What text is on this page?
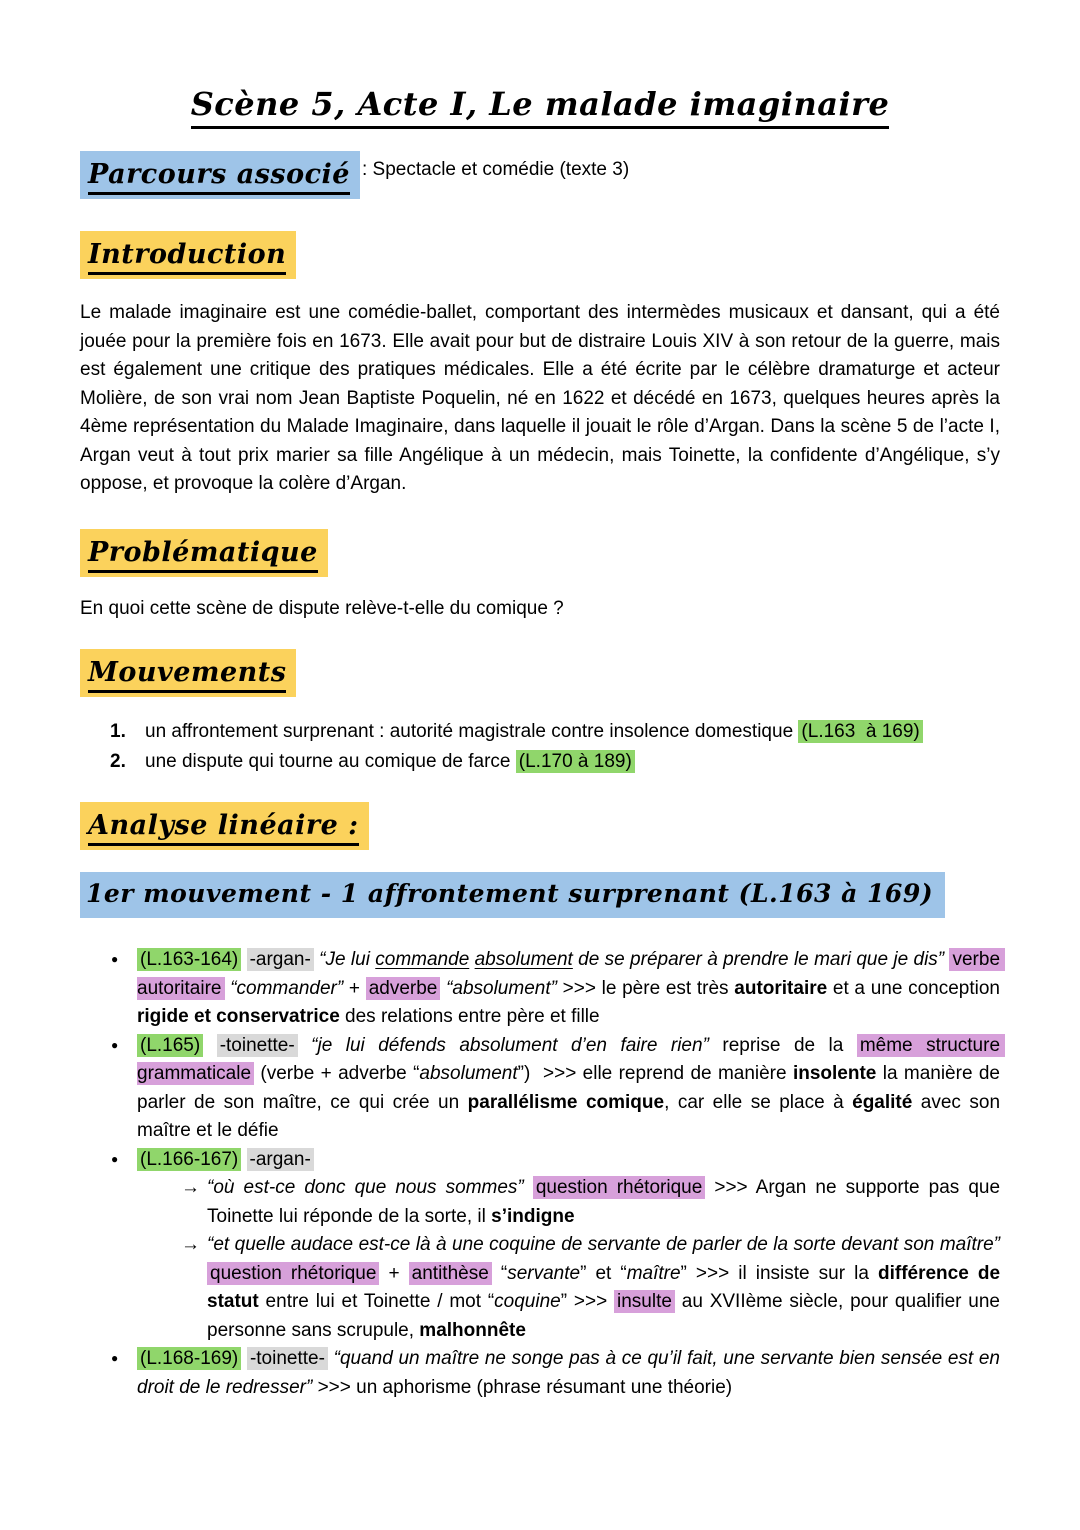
Scène 5, Acte I, Le malade imaginaire
Parcours associé : Spectacle et comédie (texte 3)
Introduction

Le malade imaginaire est une comédie-ballet, comportant des intermèdes musicaux et dansant, qui a été jouée pour la première fois en 1673. Elle avait pour but de distraire Louis XIV à son retour de la guerre, mais est également une critique des pratiques médicales. Elle a été écrite par le célèbre dramaturge et acteur Molière, de son vrai nom Jean Baptiste Poquelin, né en 1622 et décédé en 1673, quelques heures après la 4ème représentation du Malade Imaginaire, dans laquelle il jouait le rôle d’Argan. Dans la scène 5 de l’acte I, Argan veut à tout prix marier sa fille Angélique à un médecin, mais Toinette, la confidente d’Angélique, s’y oppose, et provoque la colère d’Argan.

Problématique

En quoi cette scène de dispute relève-t-elle du comique ?

Mouvements
1. un affrontement surprenant : autorité magistrale contre insolence domestique (L.163  à 169)
2. une dispute qui tourne au comique de farce (L.170 à 189)
Analyse linéaire :
1er mouvement - 1 affrontement surprenant (L.163 à 169)
● (L.163-164) -argan- “Je lui commande absolument de se préparer à prendre le mari que je dis” verbe autoritaire “commander” + adverbe “absolument” >>> le père est très autoritaire et a une conception rigide et conservatrice des relations entre père et fille
● (L.165) -toinette- “je lui défends absolument d’en faire rien” reprise de la même structure grammaticale (verbe + adverbe “absolument”)  >>> elle reprend de manière insolente la manière de parler de son maître, ce qui crée un parallélisme comique, car elle se place à égalité avec son maître et le défie
● (L.166-167) -argan-
→ “où est-ce donc que nous sommes” question rhétorique >>> Argan ne supporte pas que Toinette lui réponde de la sorte, il s’indigne
→ “et quelle audace est-ce là à une coquine de servante de parler de la sorte devant son maître” question rhétorique + antithèse “servante” et “maître” >>> il insiste sur la différence de statut entre lui et Toinette / mot “coquine” >>> insulte au XVIIème siècle, pour qualifier une personne sans scrupule, malhonnête
● (L.168-169) -toinette- “quand un maître ne songe pas à ce qu’il fait, une servante bien sensée est en droit de le redresser” >>> un aphorisme (phrase résumant une théorie)
